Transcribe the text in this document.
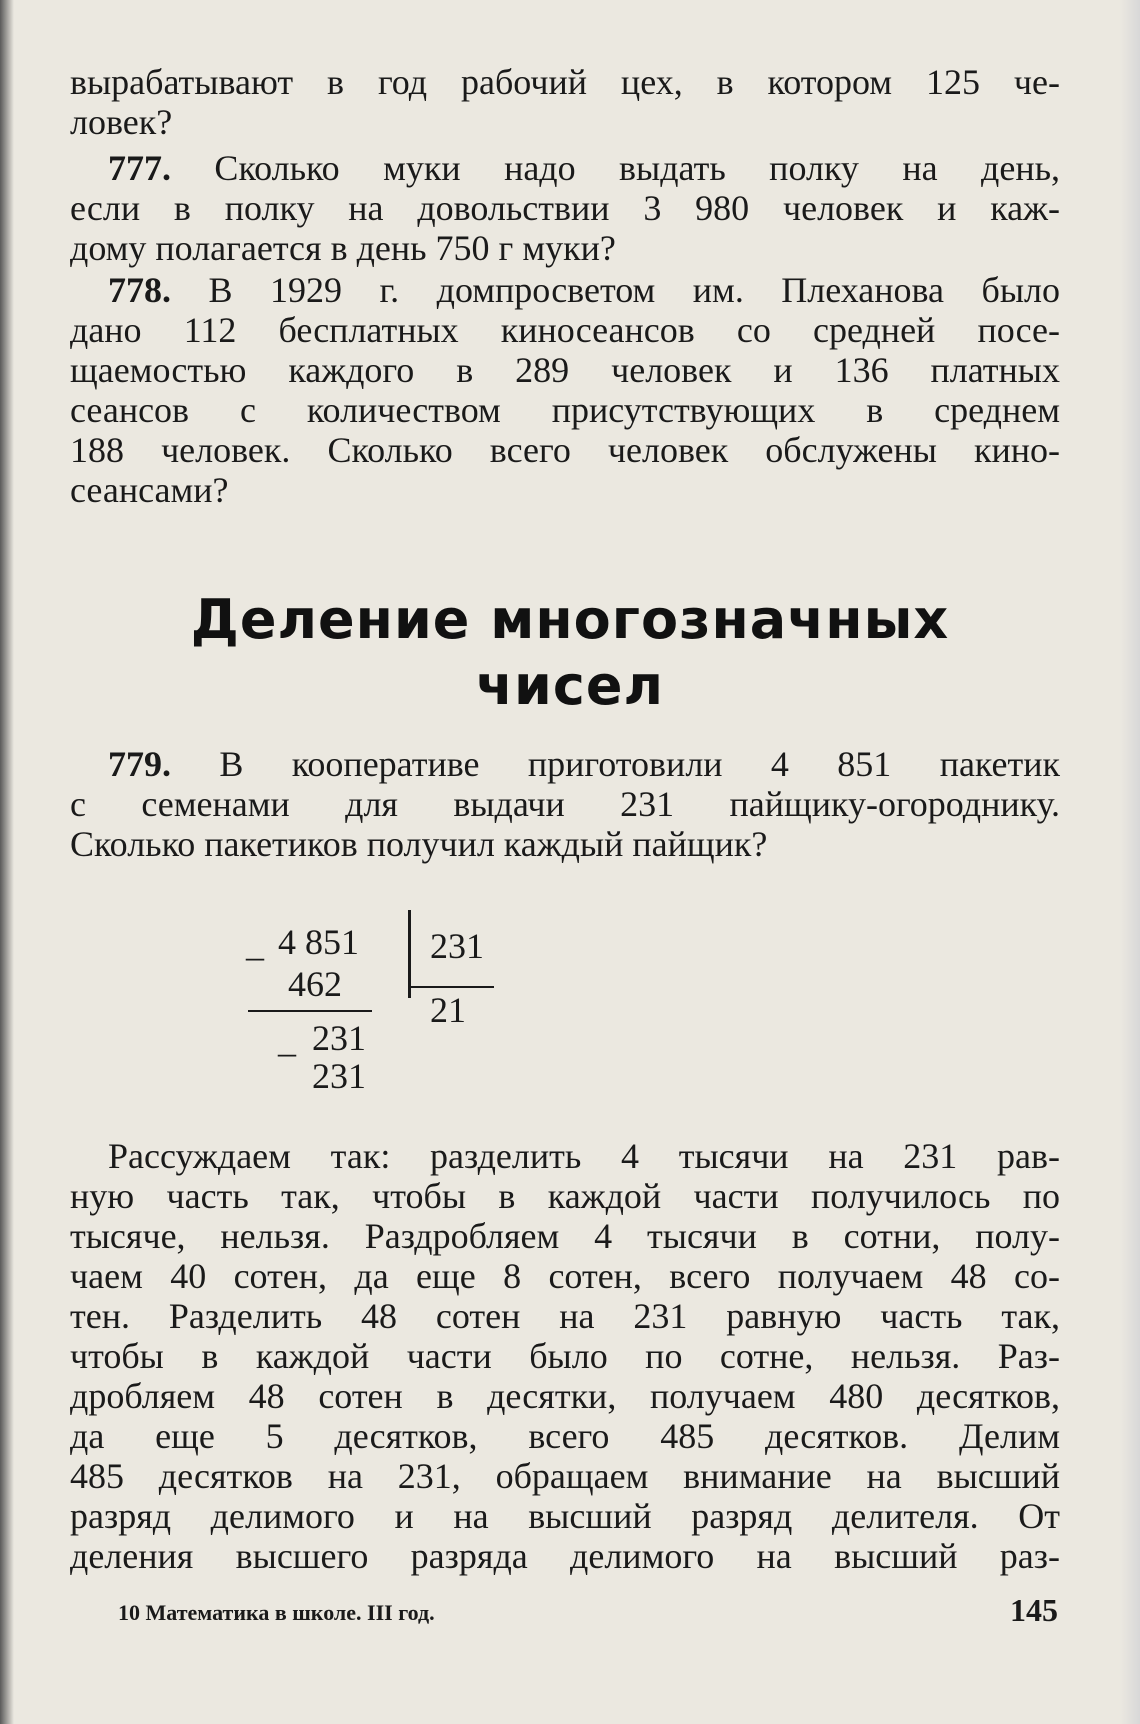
вырабатывают в год рабочий цех, в котором 125 че-
ловек?
777. Сколько муки надо выдать полку на день,
если в полку на довольствии 3 980 человек и каж-
дому полагается в день 750 г муки?
778. В 1929 г. домпросветом им. Плеханова было
дано 112 бесплатных киносеансов со средней посе-
щаемостью каждого в 289 человек и 136 платных
сеансов с количеством присутствующих в среднем
188 человек. Сколько всего человек обслужены кино-
сеансами?
Деление многозначных
чисел
779. В кооперативе приготовили 4 851 пакетик
с семенами для выдачи 231 пайщику-огороднику.
Сколько пакетиков получил каждый пайщик?
_ 4 851
462
_ 231
231
231
21
Рассуждаем так: разделить 4 тысячи на 231 рав-
ную часть так, чтобы в каждой части получилось по
тысяче, нельзя. Раздробляем 4 тысячи в сотни, полу-
чаем 40 сотен, да еще 8 сотен, всего получаем 48 со-
тен. Разделить 48 сотен на 231 равную часть так,
чтобы в каждой части было по сотне, нельзя. Раз-
дробляем 48 сотен в десятки, получаем 480 десятков,
да еще 5 десятков, всего 485 десятков. Делим
485 десятков на 231, обращаем внимание на высший
разряд делимого и на высший разряд делителя. От
деления высшего разряда делимого на высший раз-
10 Математика в школе. III год.	145
